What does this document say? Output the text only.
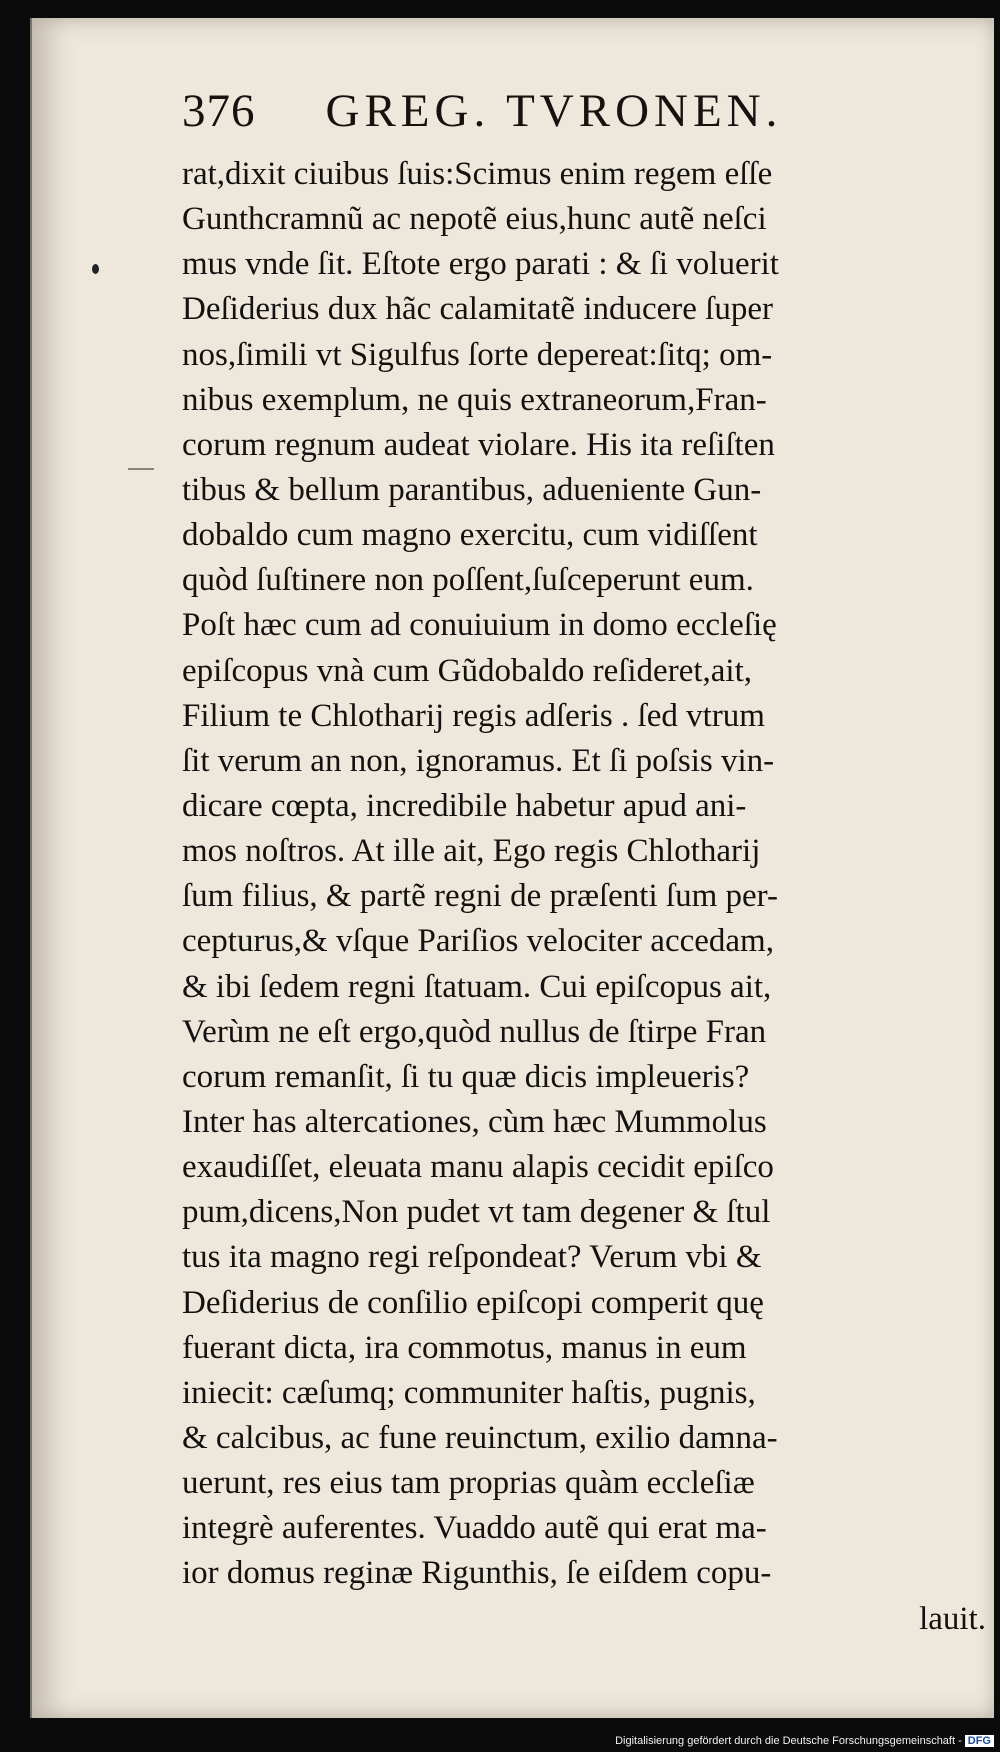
376 GREG. TVRONEN.
rat,dixit ciuibus ſuis:Scimus enim regem eſſe
Gunthcramnũ ac nepotẽ eius,hunc autẽ neſci
mus vnde ſit. Eſtote ergo parati : & ſi voluerit
Deſiderius dux hãc calamitatẽ inducere ſuper
nos,ſimili vt Sigulfus ſorte depereat:ſitq; om-
nibus exemplum, ne quis extraneorum,Fran-
corum regnum audeat violare. His ita reſiſten
tibus & bellum parantibus, adueniente Gun-
dobaldo cum magno exercitu, cum vidiſſent
quòd ſuſtinere non poſſent,ſuſceperunt eum.
Poſt hæc cum ad conuiuium in domo eccleſię
epiſcopus vnà cum Gũdobaldo reſideret,ait,
Filium te Chlotharij regis adſeris . ſed vtrum
ſit verum an non, ignoramus. Et ſi poſsis vin-
dicare cœpta, incredibile habetur apud ani-
mos noſtros. At ille ait, Ego regis Chlotharij
ſum filius, & partẽ regni de præſenti ſum per-
cepturus,& vſque Pariſios velociter accedam,
& ibi ſedem regni ſtatuam. Cui epiſcopus ait,
Verùm ne eſt ergo,quòd nullus de ſtirpe Fran
corum remanſit, ſi tu quæ dicis impleueris?
Inter has altercationes, cùm hæc Mummolus
exaudiſſet, eleuata manu alapis cecidit epiſco
pum,dicens,Non pudet vt tam degener & ſtul
tus ita magno regi reſpondeat? Verum vbi &
Deſiderius de conſilio epiſcopi comperit quę
fuerant dicta, ira commotus, manus in eum
iniecit: cæſumq; communiter haſtis, pugnis,
& calcibus, ac fune reuinctum, exilio damna-
uerunt, res eius tam proprias quàm eccleſiæ
integrè auferentes. Vuaddo autẽ qui erat ma-
ior domus reginæ Rigunthis, ſe eiſdem copu-
lauit.
Digitalisierung gefördert durch die Deutsche Forschungsgemeinschaft - DFG
